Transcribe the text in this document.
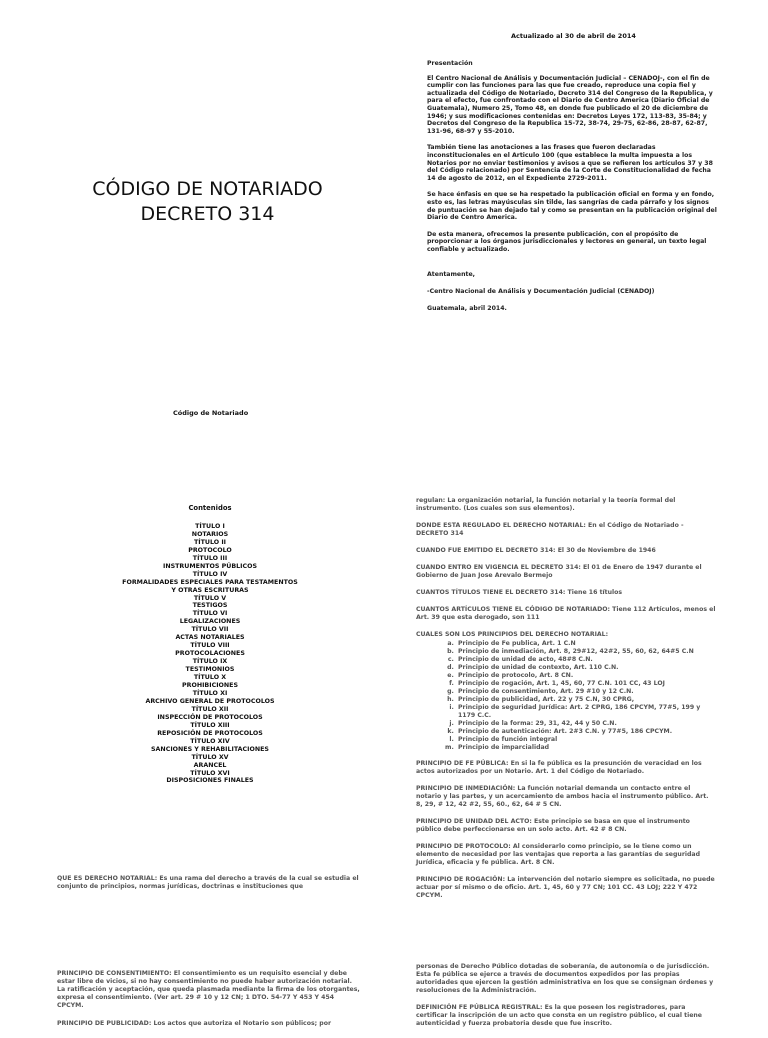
Actualizado al 30 de abril de 2014
CÓDIGO DE NOTARIADO
DECRETO 314

Presentación

El Centro Nacional de Análisis y Documentación Judicial – CENADOJ-, con el fin de cumplir con las funciones para las que fue creado, reproduce una copia fiel y actualizada del Código de Notariado, Decreto 314 del Congreso de la Republica, y para el efecto, fue confrontado con el Diario de Centro America (Diario Oficial de Guatemala), Numero 25, Tomo 48, en donde fue publicado el 20 de diciembre de 1946; y sus modificaciones contenidas en: Decretos Leyes 172, 113-83, 35-84; y Decretos del Congreso de la Republica 15-72, 38-74, 29-75, 62-86, 28-87, 62-87, 131-96, 68-97 y 55-2010.

También tiene las anotaciones a las frases que fueron declaradas inconstitucionales en el Articulo 100 (que establece la multa impuesta a los Notarios por no enviar testimonios y avisos a que se refieren los artículos 37 y 38 del Código relacionado) por Sentencia de la Corte de Constitucionalidad de fecha 14 de agosto de 2012, en el Expediente 2729-2011.

Se hace énfasis en que se ha respetado la publicación oficial en forma y en fondo, esto es, las letras mayúsculas sin tilde, las sangrías de cada párrafo y los signos de puntuación se han dejado tal y como se presentan en la publicación original del Diario de Centro America.

De esta manera, ofrecemos la presente publicación, con el propósito de proporcionar a los órganos jurisdiccionales y lectores en general, un texto legal confiable y actualizado.

Atentamente,

-Centro Nacional de Análisis y Documentación Judicial (CENADOJ)

Guatemala, abril 2014.

Código de Notariado
Contenidos
TÍTULO I
NOTARIOS
TÍTULO II
PROTOCOLO
TÍTULO III
INSTRUMENTOS PÚBLICOS
TÍTULO IV
FORMALIDADES ESPECIALES PARA TESTAMENTOS
Y OTRAS ESCRITURAS
TÍTULO V
TESTIGOS
TÍTULO VI
LEGALIZACIONES
TÍTULO VII
ACTAS NOTARIALES
TÍTULO VIII
PROTOCOLACIONES
TÍTULO IX
TESTIMONIOS
TÍTULO X
PROHIBICIONES
TÍTULO XI
ARCHIVO GENERAL DE PROTOCOLOS
TÍTULO XII
INSPECCIÓN DE PROTOCOLOS
TÍTULO XIII
REPOSICIÓN DE PROTOCOLOS
TÍTULO XIV
SANCIONES Y REHABILITACIONES
TÍTULO XV
ARANCEL
TÍTULO XVI
DISPOSICIONES FINALES
QUE ES DERECHO NOTARIAL: Es una rama del derecho a través de la cual se estudia el conjunto de principios, normas jurídicas, doctrinas e instituciones que

regulan: La organización notarial, la función notarial y la teoría formal del instrumento. (Los cuales son sus elementos).

DONDE ESTA REGULADO EL DERECHO NOTARIAL: En el Código de Notariado - DECRETO 314

CUANDO FUE EMITIDO EL DECRETO 314: El 30 de Noviembre de 1946

CUANDO ENTRO EN VIGENCIA EL DECRETO 314: El 01 de Enero de 1947 durante el Gobierno de Juan Jose Arevalo Bermejo

CUANTOS TÍTULOS TIENE EL DECRETO 314: Tiene 16 títulos

CUANTOS ARTÍCULOS TIENE EL CÓDIGO DE NOTARIADO: Tiene 112 Artículos, menos el Art. 39 que esta derogado, son 111

CUALES SON LOS PRINCIPIOS DEL DERECHO NOTARIAL:

a. Principio de Fe publica, Art. 1 C.N
b. Principio de inmediación, Art. 8, 29#12, 42#2, 55, 60, 62, 64#5 C.N
c. Principio de unidad de acto, 48#8 C.N.
d. Principio de unidad de contexto, Art. 110 C.N.
e. Principio de protocolo, Art. 8 CN.
f. Principio de rogación, Art. 1, 45, 60, 77 C.N. 101 CC, 43 LOJ
g. Principio de consentimiento, Art. 29 #10 y 12 C.N.
h. Principio de publicidad, Art. 22 y 75 C.N, 30 CPRG,
i. Principio de seguridad Jurídica: Art. 2 CPRG, 186 CPCYM, 77#5, 199 y 1179 C.C.
j. Principio de la forma: 29, 31, 42, 44 y 50 C.N.
k. Principio de autenticación: Art. 2#3 C.N. y 77#5, 186 CPCYM.
l. Principio de función integral
m. Principio de imparcialidad

PRINCIPIO DE FE PÚBLICA: En si la fe pública es la presunción de veracidad en los actos autorizados por un Notario. Art. 1 del Código de Notariado.

PRINCIPIO DE INMEDIACIÓN: La función notarial demanda un contacto entre el notario y las partes, y un acercamiento de ambos hacia el instrumento público. Art. 8, 29, # 12, 42 #2, 55, 60., 62, 64 # 5 CN.

PRINCIPIO DE UNIDAD DEL ACTO: Este principio se basa en que el instrumento público debe perfeccionarse en un solo acto. Art. 42 # 8 CN.

PRINCIPIO DE PROTOCOLO: Al considerarlo como principio, se le tiene como un elemento de necesidad por las ventajas que reporta a las garantías de seguridad Jurídica, eficacia y fe pública. Art. 8 CN.

PRINCIPIO DE ROGACIÓN: La intervención del notario siempre es solicitada, no puede actuar por sí mismo o de oficio. Art. 1, 45, 60 y 77 CN; 101 CC. 43 LOJ; 222 Y 472 CPCYM.

PRINCIPIO DE CONSENTIMIENTO: El consentimiento es un requisito esencial y debe estar libre de vicios, si no hay consentimiento no puede haber autorización notarial. La ratificación y aceptación, que queda plasmada mediante la firma de los otorgantes, expresa el consentimiento. (Ver art. 29 # 10 y 12 CN; 1 DTO. 54-77 Y 453 Y 454 CPCYM.

PRINCIPIO DE PUBLICIDAD: Los actos que autoriza el Notario son públicos; por

personas de Derecho Público dotadas de soberanía, de autonomía o de jurisdicción. Esta fe pública se ejerce a través de documentos expedidos por las propias autoridades que ejercen la gestión administrativa en los que se consignan órdenes y resoluciones de la Administración.

DEFINICIÓN FE PÚBLICA REGISTRAL: Es la que poseen los registradores, para certificar la inscripción de un acto que consta en un registro público, el cual tiene autenticidad y fuerza probatoria desde que fue inscrito.
